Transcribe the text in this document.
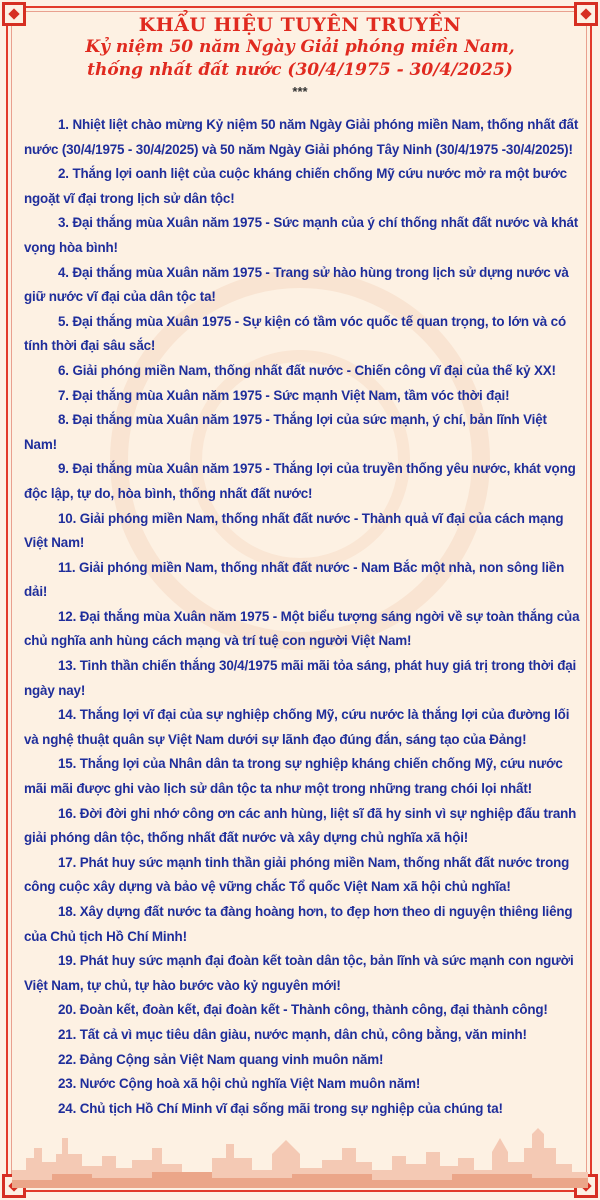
KHẨU HIỆU TUYÊN TRUYỀN

Kỷ niệm 50 năm Ngày Giải phóng miền Nam,

thống nhất đất nước (30/4/1975 - 30/4/2025)

***

1. Nhiệt liệt chào mừng Kỷ niệm 50 năm Ngày Giải phóng miền Nam, thống nhất đất nước (30/4/1975 - 30/4/2025) và 50 năm Ngày Giải phóng Tây Ninh (30/4/1975 -30/4/2025)!

2. Thắng lợi oanh liệt của cuộc kháng chiến chống Mỹ cứu nước mở ra một bước ngoặt vĩ đại trong lịch sử dân tộc!

3. Đại thắng mùa Xuân năm 1975 - Sức mạnh của ý chí thống nhất đất nước và khát vọng hòa bình!

4. Đại thắng mùa Xuân năm 1975 - Trang sử hào hùng trong lịch sử dựng nước và giữ nước vĩ đại của dân tộc ta!

5. Đại thắng mùa Xuân 1975 - Sự kiện có tầm vóc quốc tế quan trọng, to lớn và có tính thời đại sâu sắc!

6. Giải phóng miền Nam, thống nhất đất nước - Chiến công vĩ đại của thế kỷ XX!

7. Đại thắng mùa Xuân năm 1975 - Sức mạnh Việt Nam, tầm vóc thời đại!

8. Đại thắng mùa Xuân năm 1975 - Thắng lợi của sức mạnh, ý chí, bản lĩnh Việt Nam!

9. Đại thắng mùa Xuân năm 1975 - Thắng lợi của truyền thống yêu nước, khát vọng độc lập, tự do, hòa bình, thống nhất đất nước!

10. Giải phóng miền Nam, thống nhất đất nước - Thành quả vĩ đại của cách mạng Việt Nam!

11. Giải phóng miền Nam, thống nhất đất nước - Nam Bắc một nhà, non sông liền dải!

12. Đại thắng mùa Xuân năm 1975 - Một biểu tượng sáng ngời về sự toàn thắng của chủ nghĩa anh hùng cách mạng và trí tuệ con người Việt Nam!

13. Tinh thần chiến thắng 30/4/1975 mãi mãi tỏa sáng, phát huy giá trị trong thời đại ngày nay!

14. Thắng lợi vĩ đại của sự nghiệp chống Mỹ, cứu nước là thắng lợi của đường lối và nghệ thuật quân sự Việt Nam dưới sự lãnh đạo đúng đắn, sáng tạo của Đảng!

15. Thắng lợi của Nhân dân ta trong sự nghiệp kháng chiến chống Mỹ, cứu nước mãi mãi được ghi vào lịch sử dân tộc ta như một trong những trang chói lọi nhất!

16. Đời đời ghi nhớ công ơn các anh hùng, liệt sĩ đã hy sinh vì sự nghiệp đấu tranh giải phóng dân tộc, thống nhất đất nước và xây dựng chủ nghĩa xã hội!

17. Phát huy sức mạnh tinh thần giải phóng miền Nam, thống nhất đất nước trong công cuộc xây dựng và bảo vệ vững chắc Tổ quốc Việt Nam xã hội chủ nghĩa!

18. Xây dựng đất nước ta đàng hoàng hơn, to đẹp hơn theo di nguyện thiêng liêng của Chủ tịch Hồ Chí Minh!

19. Phát huy sức mạnh đại đoàn kết toàn dân tộc, bản lĩnh và sức mạnh con người Việt Nam, tự chủ, tự hào bước vào kỷ nguyên mới!

20. Đoàn kết, đoàn kết, đại đoàn kết - Thành công, thành công, đại thành công!

21. Tất cả vì mục tiêu dân giàu, nước mạnh, dân chủ, công bằng, văn minh!

22. Đảng Cộng sản Việt Nam quang vinh muôn năm!

23. Nước Cộng hoà xã hội chủ nghĩa Việt Nam muôn năm!

24. Chủ tịch Hồ Chí Minh vĩ đại sống mãi trong sự nghiệp của chúng ta!
